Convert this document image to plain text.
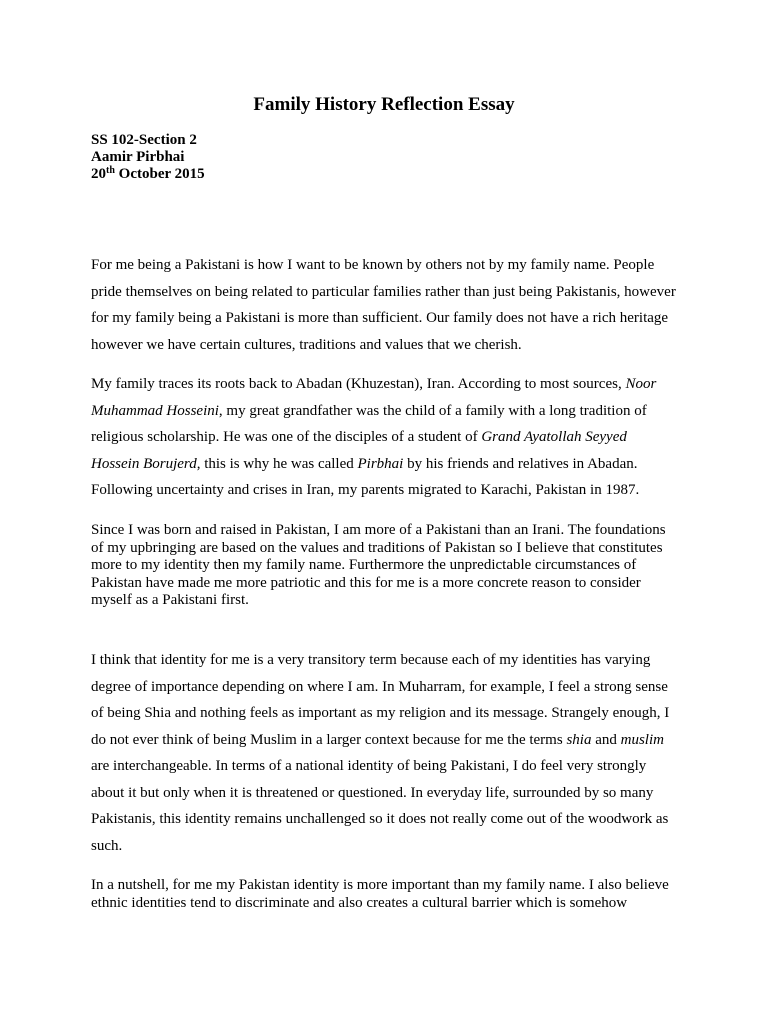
Family History Reflection Essay
SS 102-Section 2
Aamir Pirbhai
20th October 2015
For me being a Pakistani is how I want to be known by others not by my family name. People
pride themselves on being related to particular families rather than just being Pakistanis, however
for my family being a Pakistani is more than sufficient. Our family does not have a rich heritage
however we have certain cultures, traditions and values that we cherish.
My family traces its roots back to Abadan (Khuzestan), Iran. According to most sources, Noor
Muhammad Hosseini, my great grandfather was the child of a family with a long tradition of
religious scholarship. He was one of the disciples of a student of Grand Ayatollah Seyyed
Hossein Borujerd, this is why he was called Pirbhai by his friends and relatives in Abadan.
Following uncertainty and crises in Iran, my parents migrated to Karachi, Pakistan in 1987.
Since I was born and raised in Pakistan, I am more of a Pakistani than an Irani. The foundations
of my upbringing are based on the values and traditions of Pakistan so I believe that constitutes
more to my identity then my family name. Furthermore the unpredictable circumstances of
Pakistan have made me more patriotic and this for me is a more concrete reason to consider
myself as a Pakistani first.
I think that identity for me is a very transitory term because each of my identities has varying
degree of importance depending on where I am. In Muharram, for example, I feel a strong sense
of being Shia and nothing feels as important as my religion and its message. Strangely enough, I
do not ever think of being Muslim in a larger context because for me the terms shia and muslim
are interchangeable. In terms of a national identity of being Pakistani, I do feel very strongly
about it but only when it is threatened or questioned. In everyday life, surrounded by so many
Pakistanis, this identity remains unchallenged so it does not really come out of the woodwork as
such.
In a nutshell, for me my Pakistan identity is more important than my family name. I also believe
ethnic identities tend to discriminate and also creates a cultural barrier which is somehow
